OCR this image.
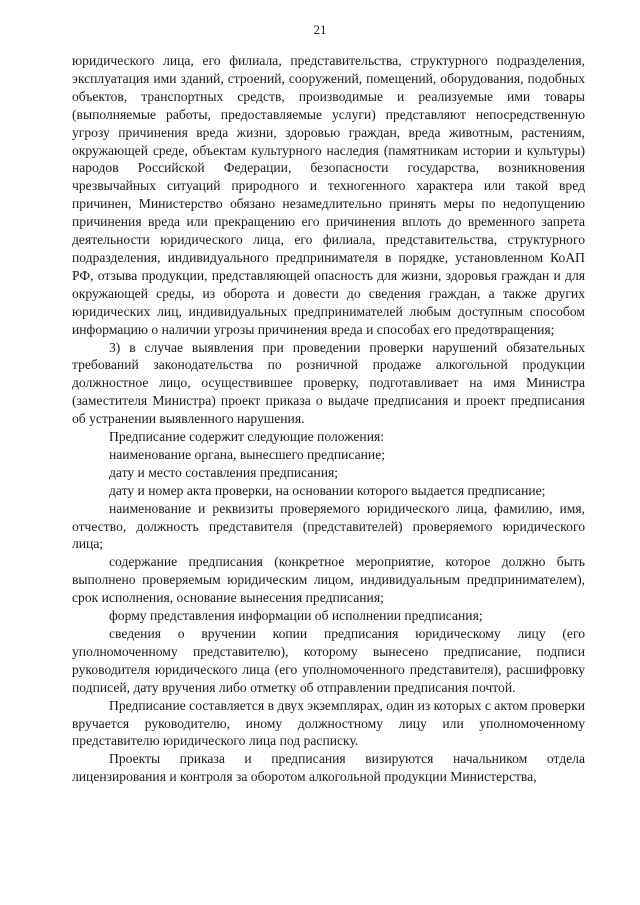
21

юридического лица, его филиала, представительства, структурного подразделения, эксплуатация ими зданий, строений, сооружений, помещений, оборудования, подобных объектов, транспортных средств, производимые и реализуемые ими товары (выполняемые работы, предоставляемые услуги) представляют непосредственную угрозу причинения вреда жизни, здоровью граждан, вреда животным, растениям, окружающей среде, объектам культурного наследия (памятникам истории и культуры) народов Российской Федерации, безопасности государства, возникновения чрезвычайных ситуаций природного и техногенного характера или такой вред причинен, Министерство обязано незамедлительно принять меры по недопущению причинения вреда или прекращению его причинения вплоть до временного запрета деятельности юридического лица, его филиала, представительства, структурного подразделения, индивидуального предпринимателя в порядке, установленном КоАП РФ, отзыва продукции, представляющей опасность для жизни, здоровья граждан и для окружающей среды, из оборота и довести до сведения граждан, а также других юридических лиц, индивидуальных предпринимателей любым доступным способом информацию о наличии угрозы причинения вреда и способах его предотвращения;

3) в случае выявления при проведении проверки нарушений обязательных требований законодательства по розничной продаже алкогольной продукции должностное лицо, осуществившее проверку, подготавливает на имя Министра (заместителя Министра) проект приказа о выдаче предписания и проект предписания об устранении выявленного нарушения.

Предписание содержит следующие положения:

наименование органа, вынесшего предписание;

дату и место составления предписания;

дату и номер акта проверки, на основании которого выдается предписание;

наименование и реквизиты проверяемого юридического лица, фамилию, имя, отчество, должность представителя (представителей) проверяемого юридического лица;

содержание предписания (конкретное мероприятие, которое должно быть выполнено проверяемым юридическим лицом, индивидуальным предпринимателем), срок исполнения, основание вынесения предписания;

форму представления информации об исполнении предписания;

сведения о вручении копии предписания юридическому лицу (его уполномоченному представителю), которому вынесено предписание, подписи руководителя юридического лица (его уполномоченного представителя), расшифровку подписей, дату вручения либо отметку об отправлении предписания почтой.

Предписание составляется в двух экземплярах, один из которых с актом проверки вручается руководителю, иному должностному лицу или уполномоченному представителю юридического лица под расписку.

Проекты приказа и предписания визируются начальником отдела лицензирования и контроля за оборотом алкогольной продукции Министерства,
